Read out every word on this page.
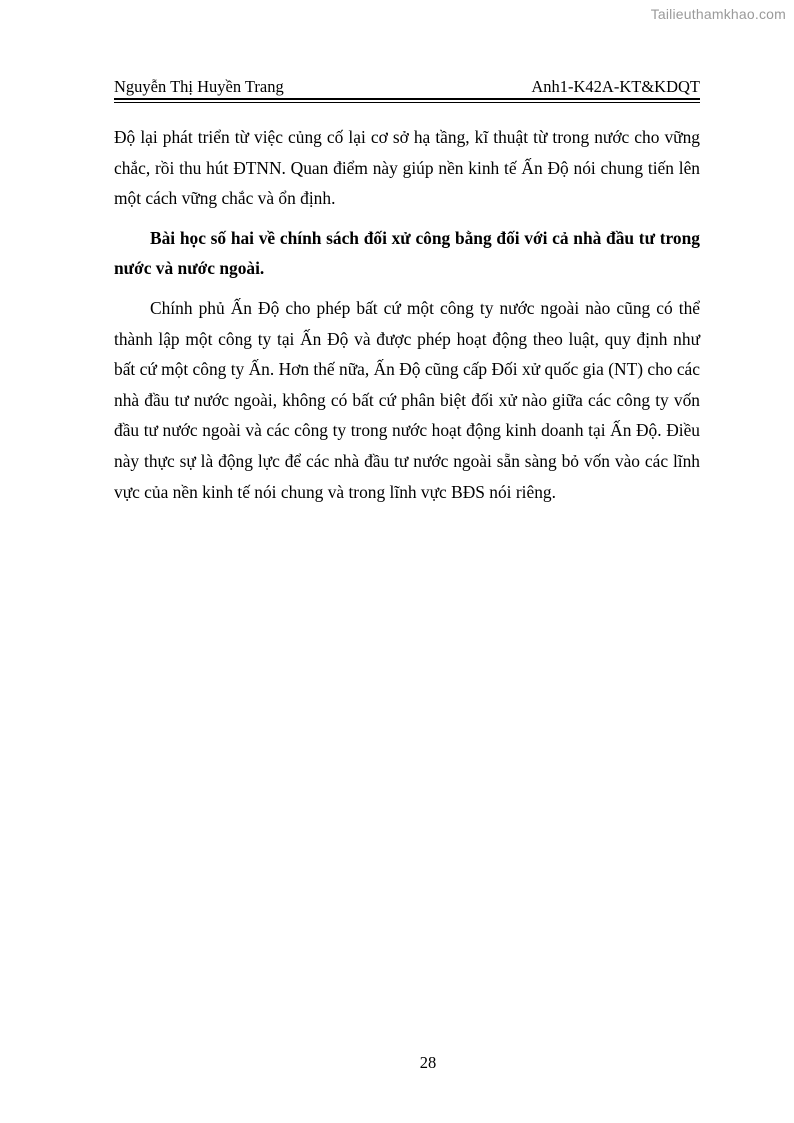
Tailieuthamkhao.com
Nguyễn Thị Huyền Trang	Anh1-K42A-KT&KDQT

Độ lại phát triển từ việc củng cố lại cơ sở hạ tầng, kĩ thuật từ trong nước cho vững chắc, rồi thu hút ĐTNN. Quan điểm này giúp nền kinh tế Ấn Độ nói chung tiến lên một cách vững chắc và ổn định.

Bài học số hai về chính sách đối xử công bằng đối với cả nhà đầu tư trong nước và nước ngoài.

Chính phủ Ấn Độ cho phép bất cứ một công ty nước ngoài nào cũng có thể thành lập một công ty tại Ấn Độ và được phép hoạt động theo luật, quy định như bất cứ một công ty Ấn. Hơn thế nữa, Ấn Độ cũng cấp Đối xử quốc gia (NT) cho các nhà đầu tư nước ngoài, không có bất cứ phân biệt đối xử nào giữa các công ty vốn đầu tư nước ngoài và các công ty trong nước hoạt động kinh doanh tại Ấn Độ. Điều này thực sự là động lực để các nhà đầu tư nước ngoài sẵn sàng bỏ vốn vào các lĩnh vực của nền kinh tế nói chung và trong lĩnh vực BĐS nói riêng.

28
